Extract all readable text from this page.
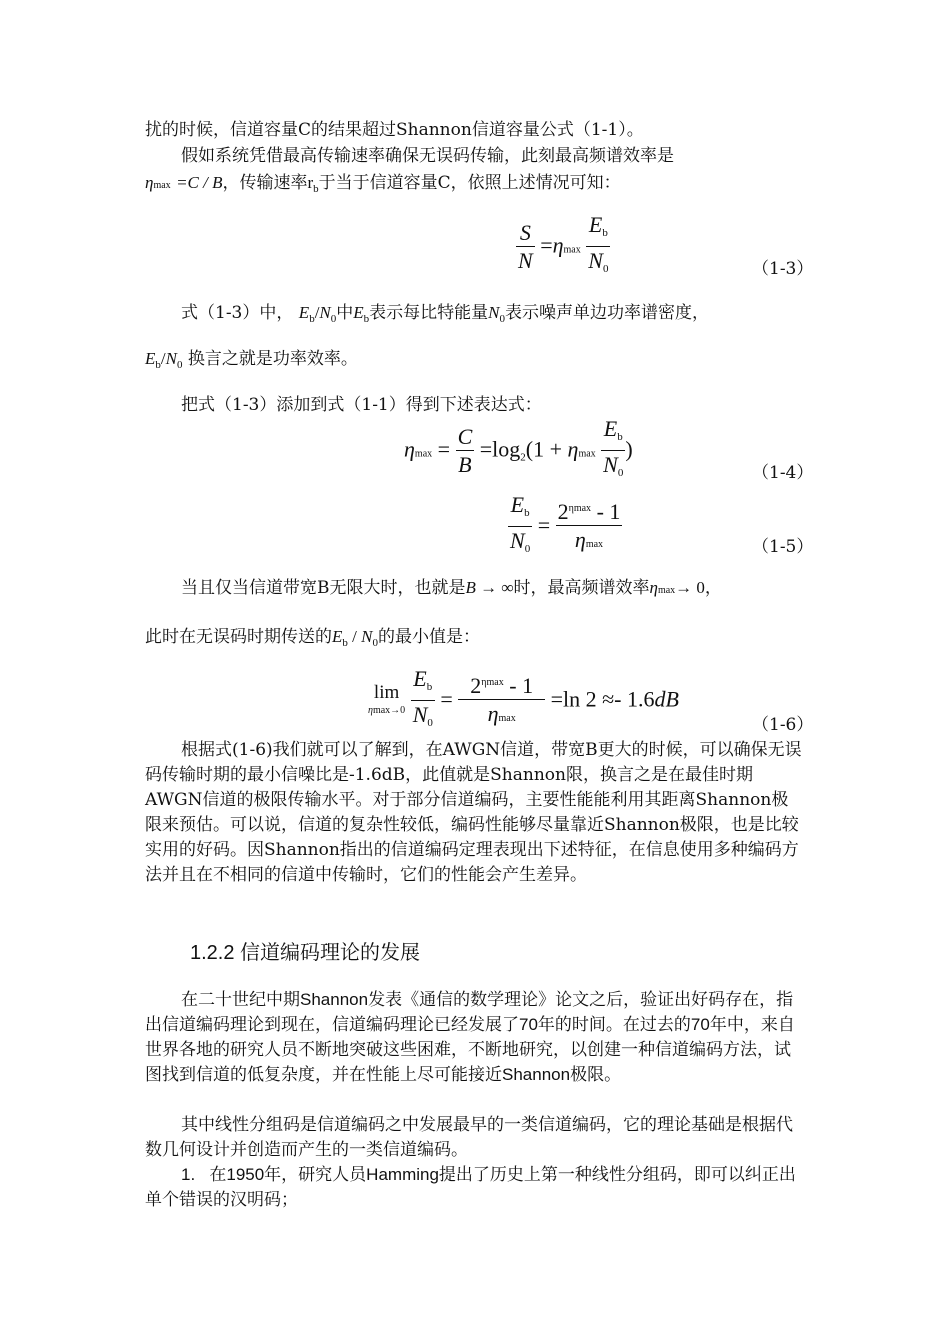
扰的时候，信道容量C的结果超过Shannon信道容量公式（1-1）。
假如系统凭借最高传输速率确保无误码传输，此刻最高频谱效率是
ηmax =C / B，传输速率$r_b$于当于信道容量C，依照上述情况可知：
$\frac{S}{N} =\eta\max \frac{E_b}{N_0}$	（1-3）
式（1-3）中， $E_b/N_0$中$E_b$表示每比特能量$N_0$表示噪声单边功率谱密度，
$E_b/N_0$ 换言之就是功率效率。
把式（1-3）添加到式（1-1）得到下述表达式：
$\eta\max = \frac{C}{B} =\log_2(1 + \eta\max \frac{E_b}{N_0}$ )
（1-4）
$\frac{E_b}{N_0} = \frac{2^{\eta max} - 1}{\eta\max}$	（1-5）
当且仅当信道带宽B无限大时，也就是B → ∞时，最高频谱效率ηmax→ 0，
此时在无误码时期传送的$E_b / N_0$的最小值是：
lim
ηmax→0
$\frac{E_b}{N_0} = \frac{2^{\eta max} - 1}{\eta\max} =\ln$ 2 ≈- 1.6dB
（1-6）
根据式(1-6)我们就可以了解到，在AWGN信道，带宽B更大的时候，可以确保无误码传输时期的最小信噪比是-1.6dB，此值就是Shannon限，换言之是在最佳时期AWGN信道的极限传输水平。对于部分信道编码，主要性能能利用其距离Shannon极限来预估。可以说，信道的复杂性较低，编码性能够尽量靠近Shannon极限，也是比较实用的好码。因Shannon指出的信道编码定理表现出下述特征，在信息使用多种编码方法并且在不相同的信道中传输时，它们的性能会产生差异。
1.2.2 信道编码理论的发展
在二十世纪中期Shannon发表《通信的数学理论》论文之后，验证出好码存在，指出信道编码理论到现在，信道编码理论已经发展了70年的时间。在过去的70年中，来自世界各地的研究人员不断地突破这些困难，不断地研究，以创建一种信道编码方法，试图找到信道的低复杂度，并在性能上尽可能接近Shannon极限。
其中线性分组码是信道编码之中发展最早的一类信道编码，它的理论基础是根据代数几何设计并创造而产生的一类信道编码。
1. 在1950年，研究人员Hamming提出了历史上第一种线性分组码，即可以纠正出单个错误的汉明码；
